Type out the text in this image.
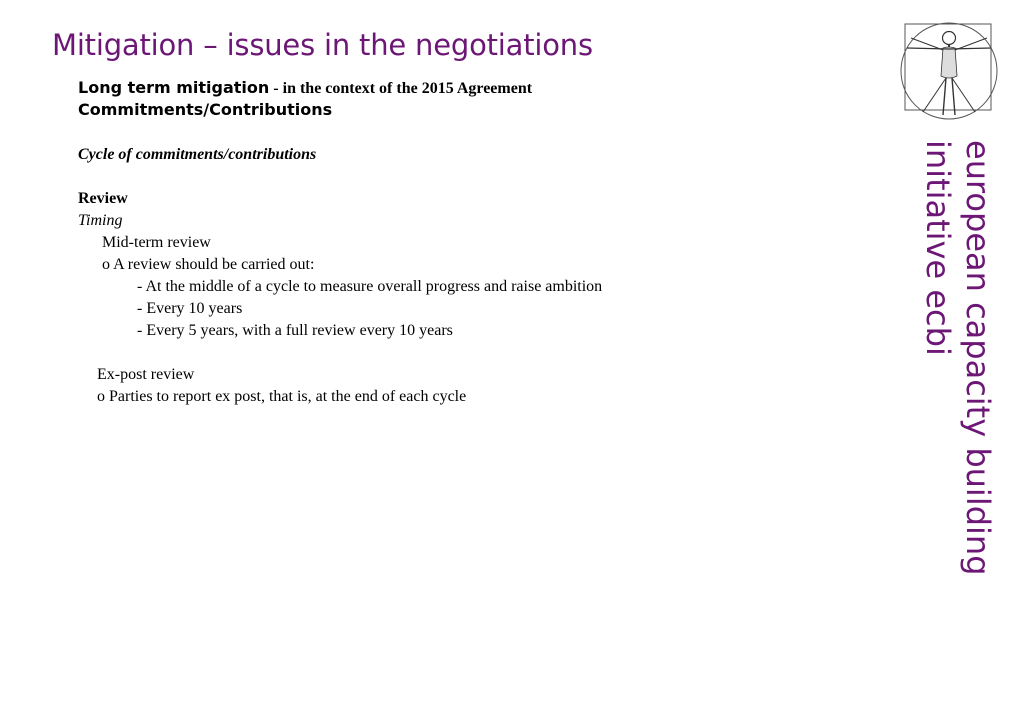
Mitigation – issues in the negotiations
Long term mitigation - in the context of the 2015 Agreement
Commitments/Contributions
Cycle of commitments/contributions
Review
Timing
Mid-term review
o A review should be carried out:
- At the middle of a cycle to measure overall progress and raise ambition
- Every 10 years
- Every 5 years, with a full review every 10 years
Ex-post review
o Parties to report ex post, that is, at the end of each cycle	european capacity building
initiative ecbi
